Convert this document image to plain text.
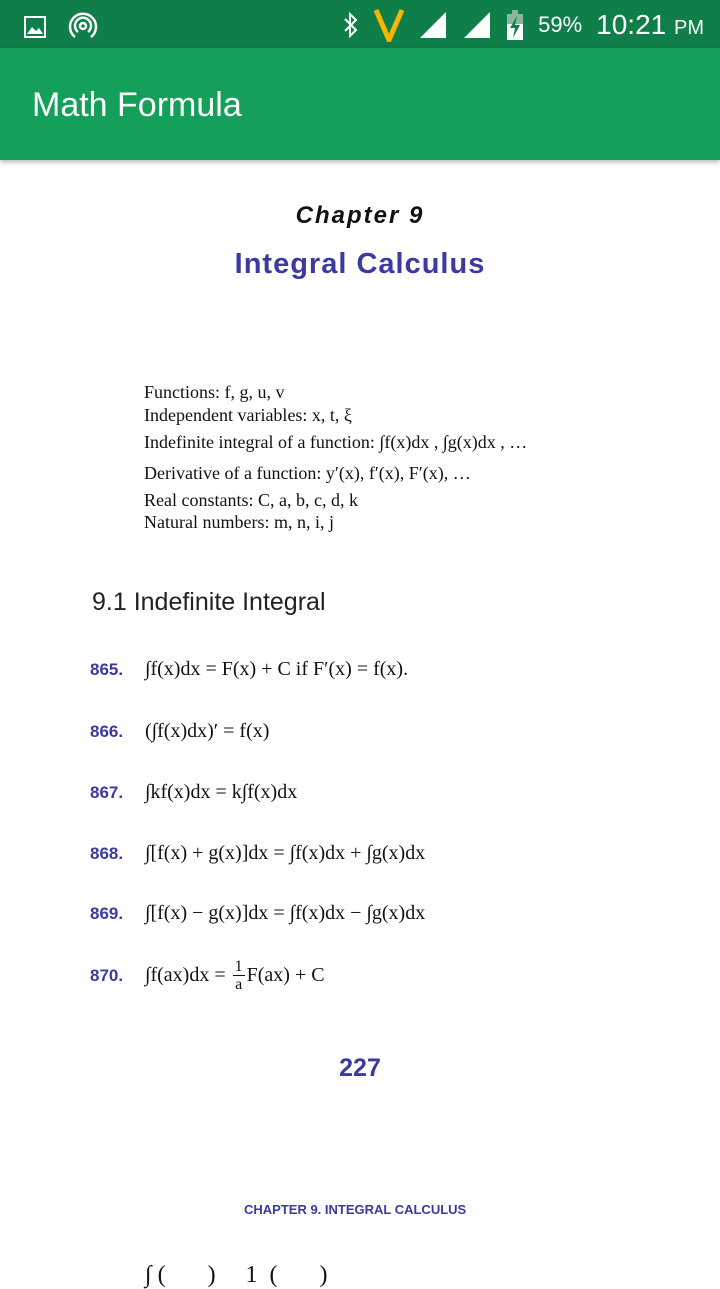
59% 10:21 PM
Math Formula
Chapter 9
Integral Calculus
Functions: f, g, u, v
Independent variables: x, t, ξ
Indefinite integral of a function: ∫f(x)dx , ∫g(x)dx , …
Derivative of a function: y′(x), f′(x), F′(x), …
Real constants: C, a, b, c, d, k
Natural numbers: m, n, i, j
9.1 Indefinite Integral
865.	∫f(x)dx = F(x) + C if F′(x) = f(x).
866.	(∫f(x)dx)′ = f(x)
867.	∫kf(x)dx = k∫f(x)dx
868.	∫[f(x) + g(x)]dx = ∫f(x)dx + ∫g(x)dx
869.	∫[f(x) − g(x)]dx = ∫f(x)dx − ∫g(x)dx
870.	$\int f(ax)dx = \frac{1}{a} F(ax) + C$
227
CHAPTER 9. INTEGRAL CALCULUS
∫ (       )     1  (       )
